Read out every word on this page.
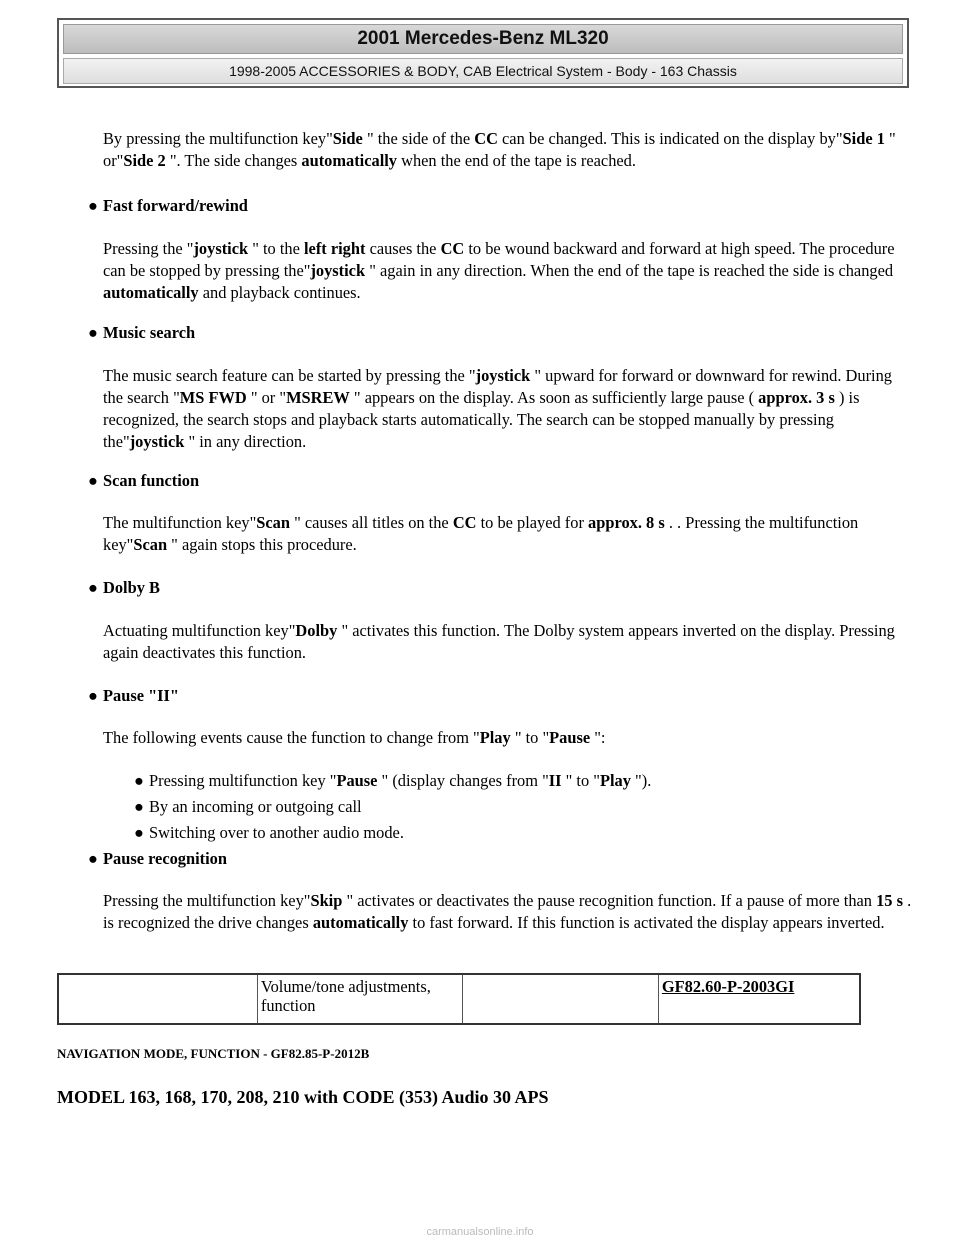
2001 Mercedes-Benz ML320
1998-2005 ACCESSORIES & BODY, CAB Electrical System - Body - 163 Chassis
By pressing the multifunction key"Side " the side of the CC can be changed. This is indicated on the display by"Side 1 " or"Side 2 ". The side changes automatically when the end of the tape is reached.
● Fast forward/rewind
Pressing the "joystick " to the left right causes the CC to be wound backward and forward at high speed. The procedure can be stopped by pressing the"joystick " again in any direction. When the end of the tape is reached the side is changed automatically and playback continues.
● Music search
The music search feature can be started by pressing the "joystick " upward for forward or downward for rewind. During the search "MS FWD " or "MSREW " appears on the display. As soon as sufficiently large pause ( approx. 3 s ) is recognized, the search stops and playback starts automatically. The search can be stopped manually by pressing the"joystick " in any direction.
● Scan function
The multifunction key"Scan " causes all titles on the CC to be played for approx. 8 s . . Pressing the multifunction key"Scan " again stops this procedure.
● Dolby B
Actuating multifunction key"Dolby " activates this function. The Dolby system appears inverted on the display. Pressing again deactivates this function.
● Pause "II"
The following events cause the function to change from "Play " to "Pause ":
● Pressing multifunction key "Pause " (display changes from "II " to "Play ").
● By an incoming or outgoing call
● Switching over to another audio mode.
● Pause recognition
Pressing the multifunction key"Skip " activates or deactivates the pause recognition function. If a pause of more than 15 s . is recognized the drive changes automatically to fast forward. If this function is activated the display appears inverted.
	Volume/tone adjustments, function		GF82.60-P-2003GI
NAVIGATION MODE, FUNCTION - GF82.85-P-2012B
MODEL 163, 168, 170, 208, 210 with CODE (353) Audio 30 APS
carmanualsonline.info
